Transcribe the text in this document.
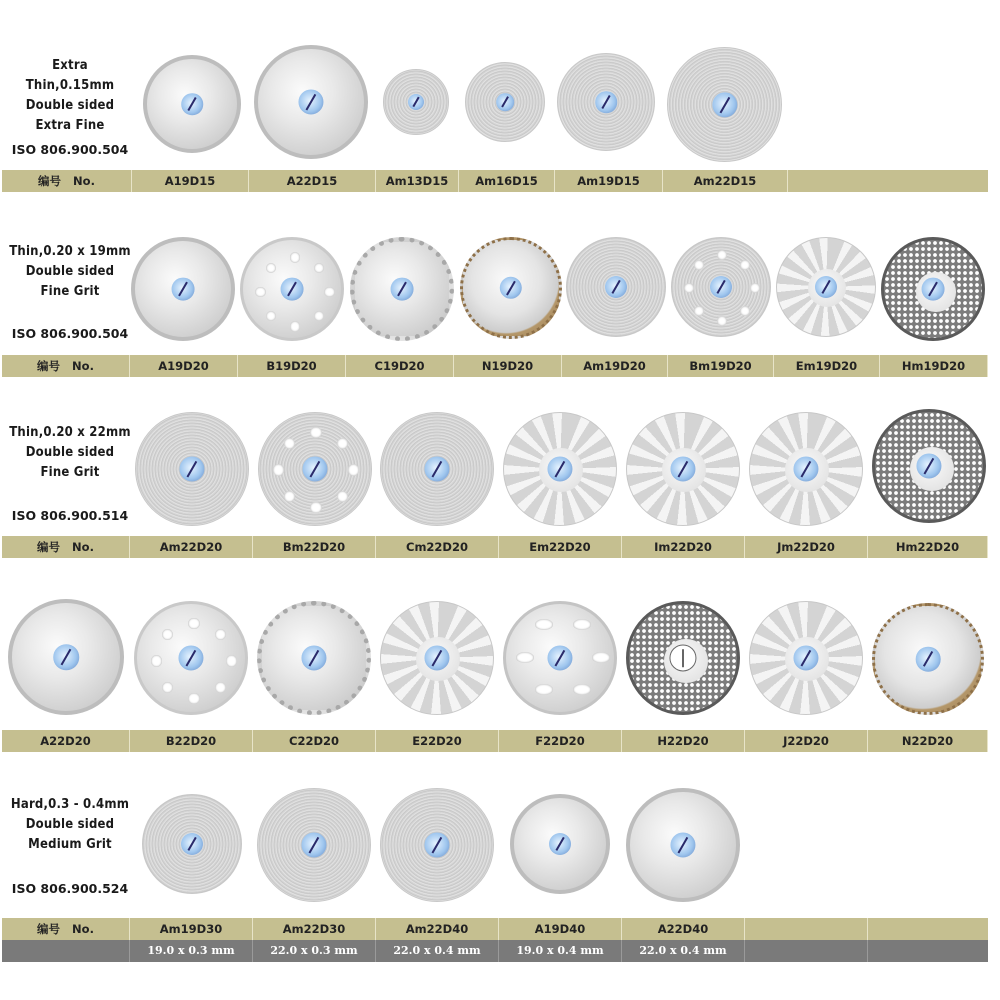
Extra Thin,0.15mm
Double sided
Extra Fine
ISO 806.900.504
编号 No.	A19D15	A22D15	Am13D15	Am16D15	Am19D15	Am22D15
Thin,0.20 x 19mm
Double sided
Fine Grit
ISO 806.900.504
编号 No.	A19D20	B19D20	C19D20	N19D20	Am19D20	Bm19D20	Em19D20	Hm19D20
Thin,0.20 x 22mm
Double sided
Fine Grit
ISO 806.900.514
编号 No.	Am22D20	Bm22D20	Cm22D20	Em22D20	Im22D20	Jm22D20	Hm22D20
A22D20	B22D20	C22D20	E22D20	F22D20	H22D20	J22D20	N22D20
Hard,0.3 - 0.4mm
Double sided
Medium Grit
ISO 806.900.524
编号 No.	Am19D30	Am22D30	Am22D40	A19D40	A22D40
19.0 x 0.3 mm	22.0 x 0.3 mm	22.0 x 0.4 mm	19.0 x 0.4 mm	22.0 x 0.4 mm
